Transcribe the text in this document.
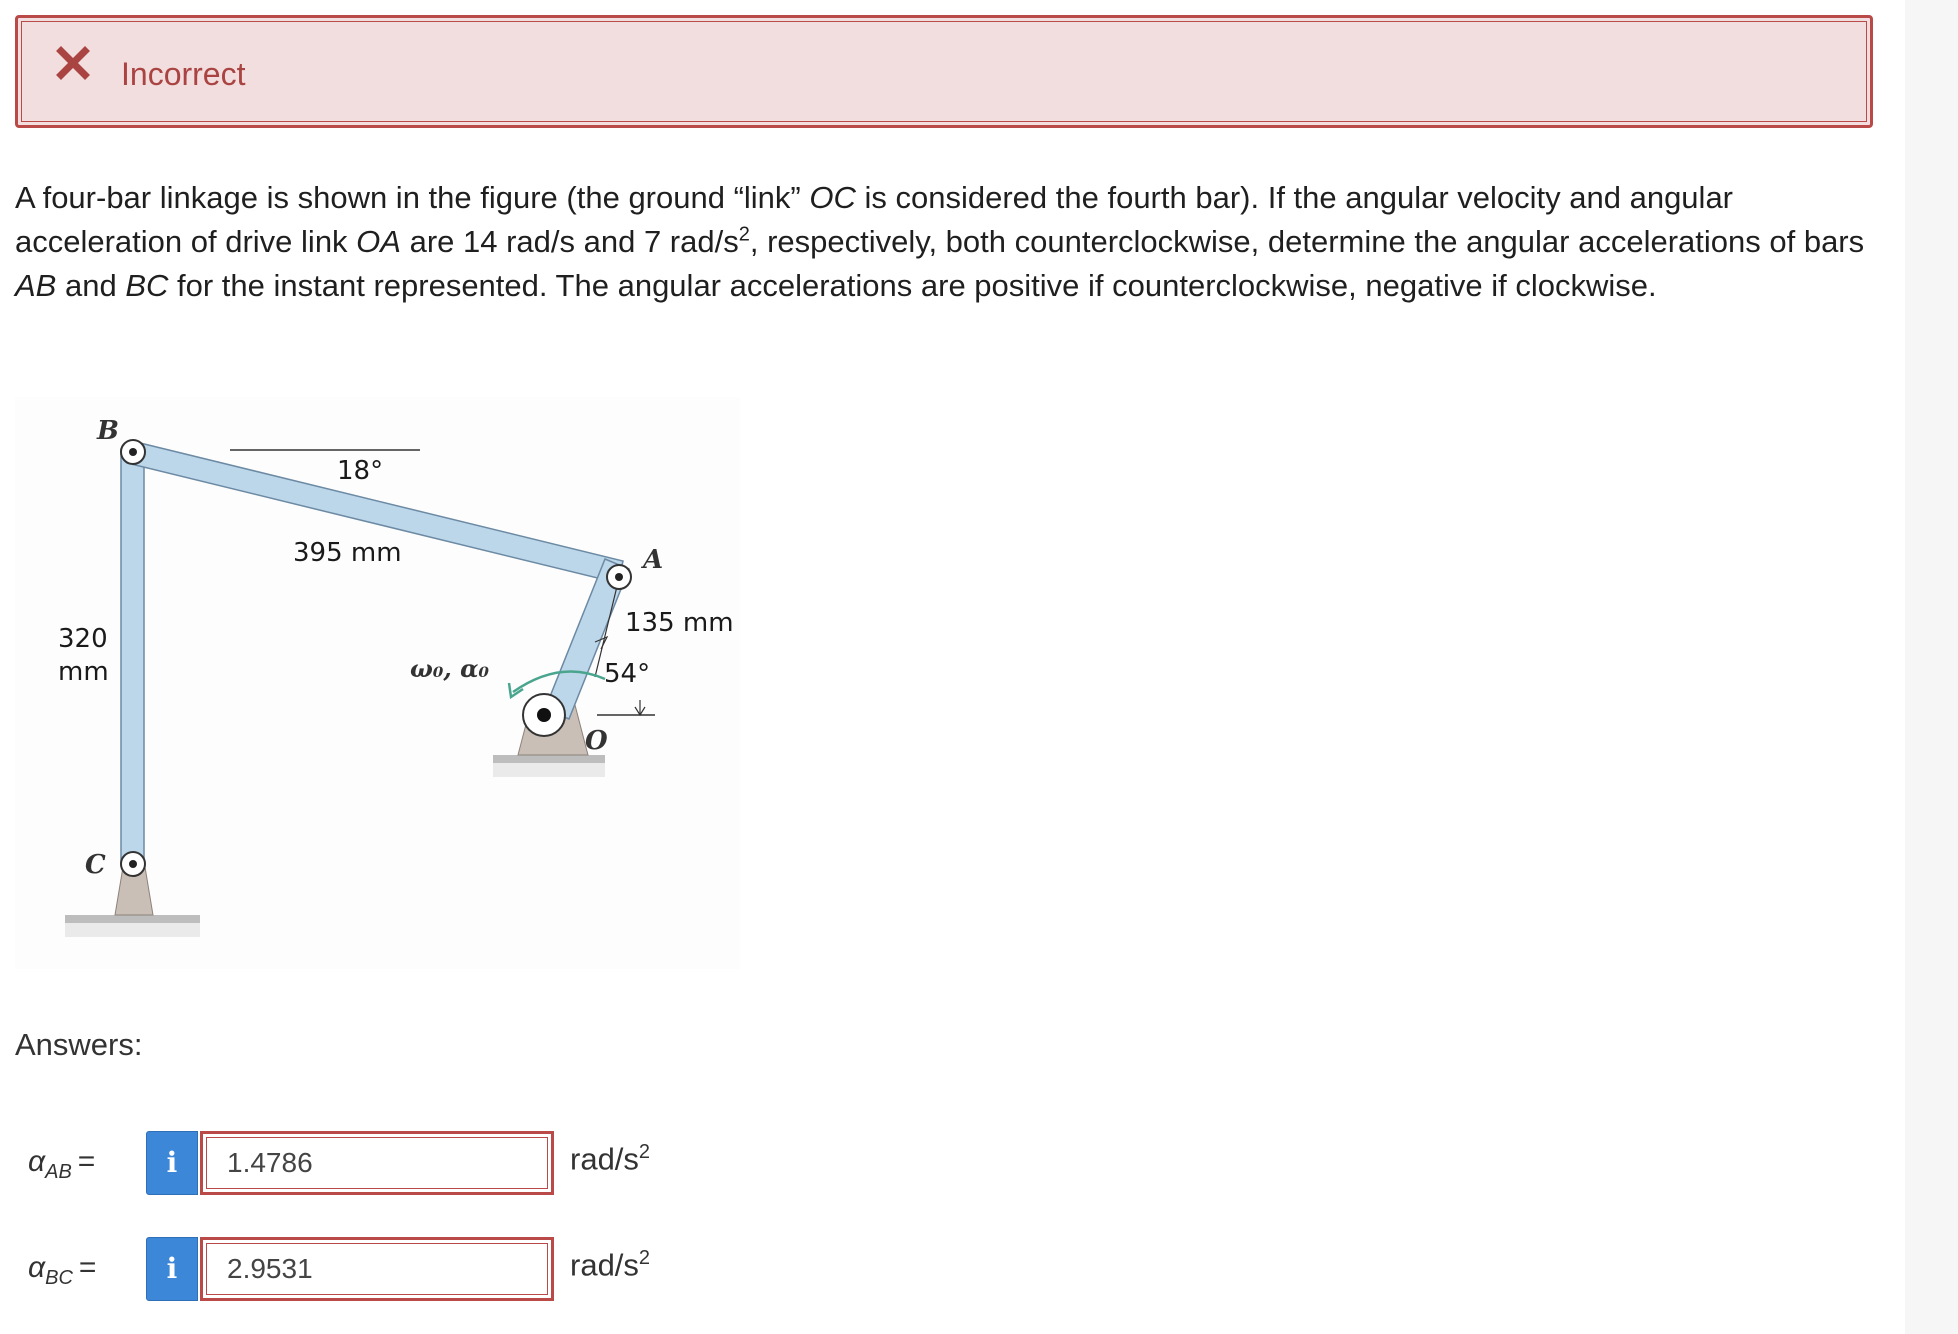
Incorrect
A four-bar linkage is shown in the figure (the ground “link” OC is considered the fourth bar). If the angular velocity and angular acceleration of drive link OA are 14 rad/s and 7 rad/$s^2$, respectively, both counterclockwise, determine the angular accelerations of bars AB and BC for the instant represented. The angular accelerations are positive if counterclockwise, negative if clockwise.
B
A
C
O
18°
395 mm
135 mm
54°
320
mm	ω₀, α₀
Answers:
$\alpha_{AB}$ =	i
1.4786	rad/$s^2$
$\alpha_{BC}$ =	i
2.9531	rad/$s^2$
